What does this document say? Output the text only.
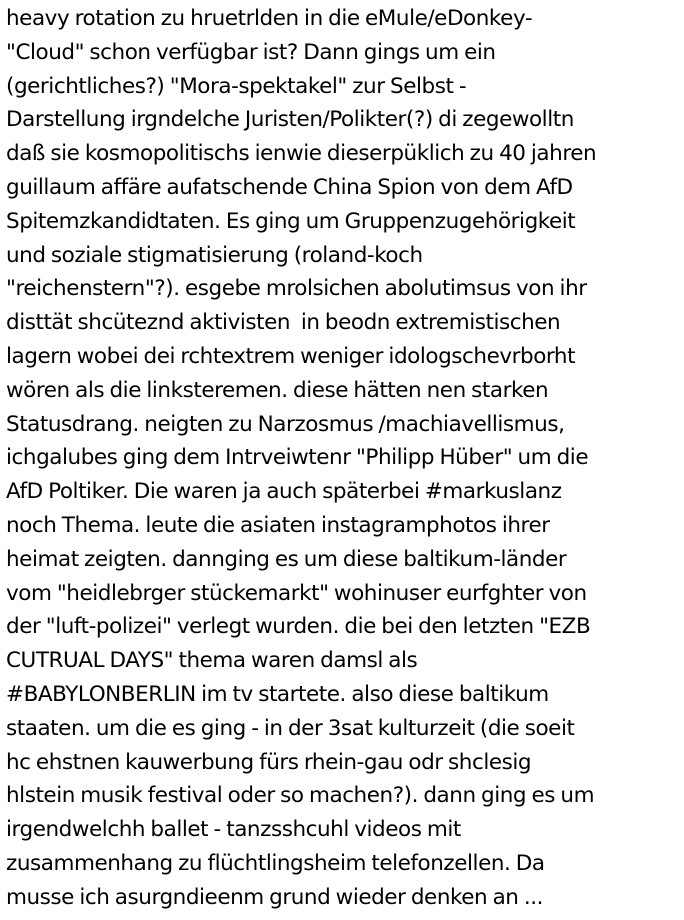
heavy rotation zu hruetrlden in die eMule/eDonkey-
"Cloud" schon verfügbar ist? Dann gings um ein
(gerichtliches?) "Mora-spektakel" zur Selbst -
Darstellung irgndelche Juristen/Polikter(?) di zegewolltn
daß sie kosmopolitischs ienwie dieserpüklich zu 40 jahren
guillaum affäre aufatschende China Spion von dem AfD
Spitemzkandidtaten. Es ging um Gruppenzugehörigkeit
und soziale stigmatisierung (roland-koch
"reichenstern"?). esgebe mrolsichen abolutimsus von ihr
disttät shcüteznd aktivisten  in beodn extremistischen
lagern wobei dei rchtextrem weniger idologschevrborht
wören als die linksteremen. diese hätten nen starken
Statusdrang. neigten zu Narzosmus /machiavellismus,
ichgalubes ging dem Intrveiwtenr "Philipp Hüber" um die
AfD Poltiker. Die waren ja auch späterbei #markuslanz
noch Thema. leute die asiaten instagramphotos ihrer
heimat zeigten. dannging es um diese baltikum-länder
vom "heidlebrger stückemarkt" wohinuser eurfghter von
der "luft-polizei" verlegt wurden. die bei den letzten "EZB
CUTRUAL DAYS" thema waren damsl als
#BABYLONBERLIN im tv startete. also diese baltikum
staaten. um die es ging - in der 3sat kulturzeit (die soeit
hc ehstnen kauwerbung fürs rhein-gau odr shclesig
hlstein musik festival oder so machen?). dann ging es um
irgendwelchh ballet - tanzsshcuhl videos mit
zusammenhang zu flüchtlingsheim telefonzellen. Da
musse ich asurgndieenm grund wieder denken an ...
